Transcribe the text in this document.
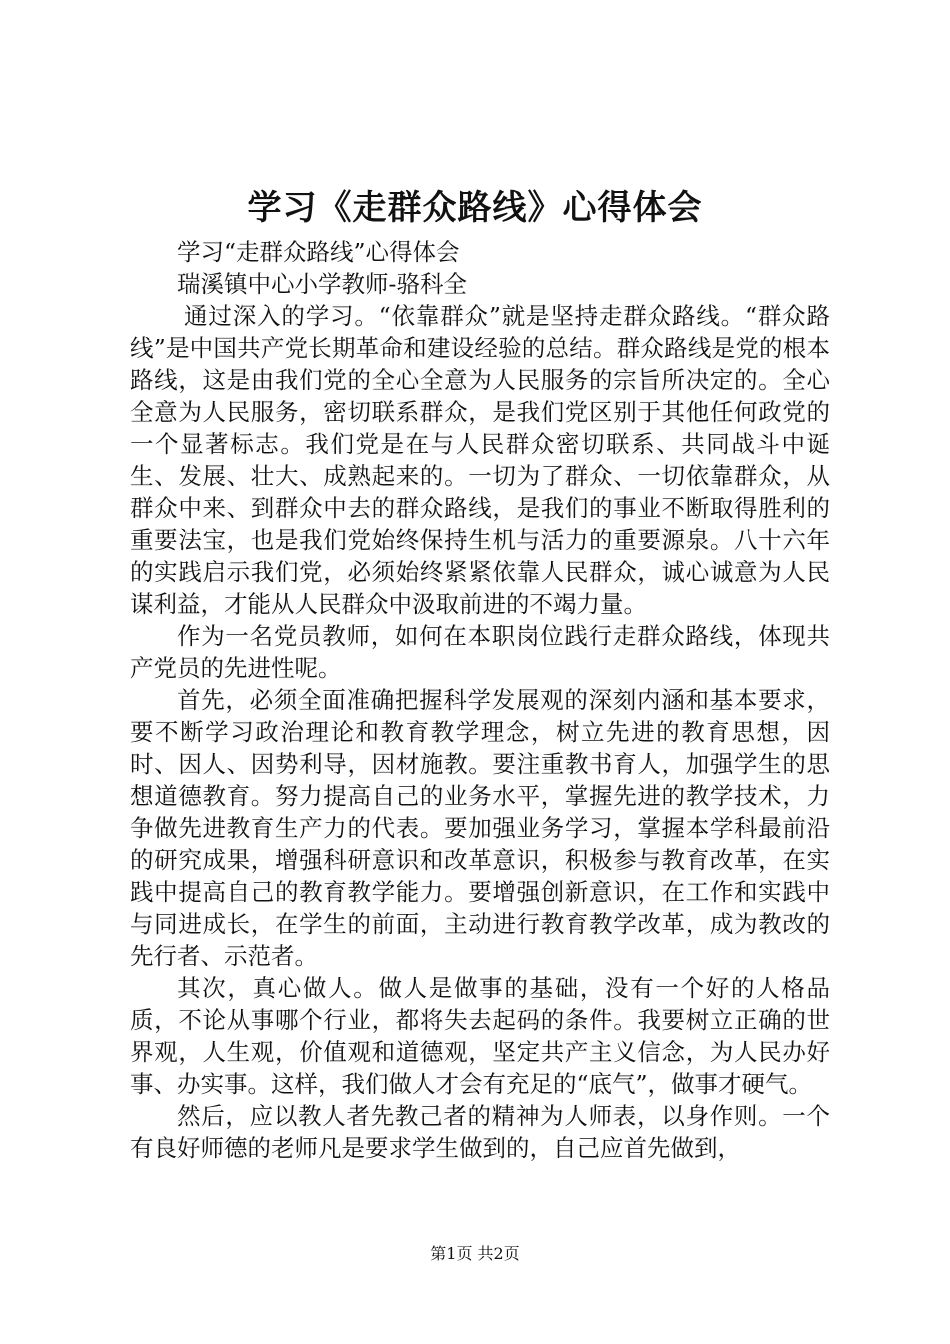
学习《走群众路线》心得体会

学习“走群众路线”心得体会

瑞溪镇中心小学教师-骆科全

通过深入的学习。“依靠群众”就是坚持走群众路线。“群众路线”是中国共产党长期革命和建设经验的总结。群众路线是党的根本路线，这是由我们党的全心全意为人民服务的宗旨所决定的。全心全意为人民服务，密切联系群众，是我们党区别于其他任何政党的一个显著标志。我们党是在与人民群众密切联系、共同战斗中诞生、发展、壮大、成熟起来的。一切为了群众、一切依靠群众，从群众中来、到群众中去的群众路线，是我们的事业不断取得胜利的重要法宝，也是我们党始终保持生机与活力的重要源泉。八十六年的实践启示我们党，必须始终紧紧依靠人民群众，诚心诚意为人民谋利益，才能从人民群众中汲取前进的不竭力量。

作为一名党员教师，如何在本职岗位践行走群众路线，体现共产党员的先进性呢。

首先，必须全面准确把握科学发展观的深刻内涵和基本要求，要不断学习政治理论和教育教学理念，树立先进的教育思想，因时、因人、因势利导，因材施教。要注重教书育人，加强学生的思想道德教育。努力提高自己的业务水平，掌握先进的教学技术，力争做先进教育生产力的代表。要加强业务学习，掌握本学科最前沿的研究成果，增强科研意识和改革意识，积极参与教育改革，在实践中提高自己的教育教学能力。要增强创新意识，在工作和实践中与同进成长，在学生的前面，主动进行教育教学改革，成为教改的先行者、示范者。

其次，真心做人。做人是做事的基础，没有一个好的人格品质，不论从事哪个行业，都将失去起码的条件。我要树立正确的世界观，人生观，价值观和道德观，坚定共产主义信念，为人民办好事、办实事。这样，我们做人才会有充足的“底气”，做事才硬气。

然后，应以教人者先教己者的精神为人师表，以身作则。一个有良好师德的老师凡是要求学生做到的，自己应首先做到，

第1页 共2页
